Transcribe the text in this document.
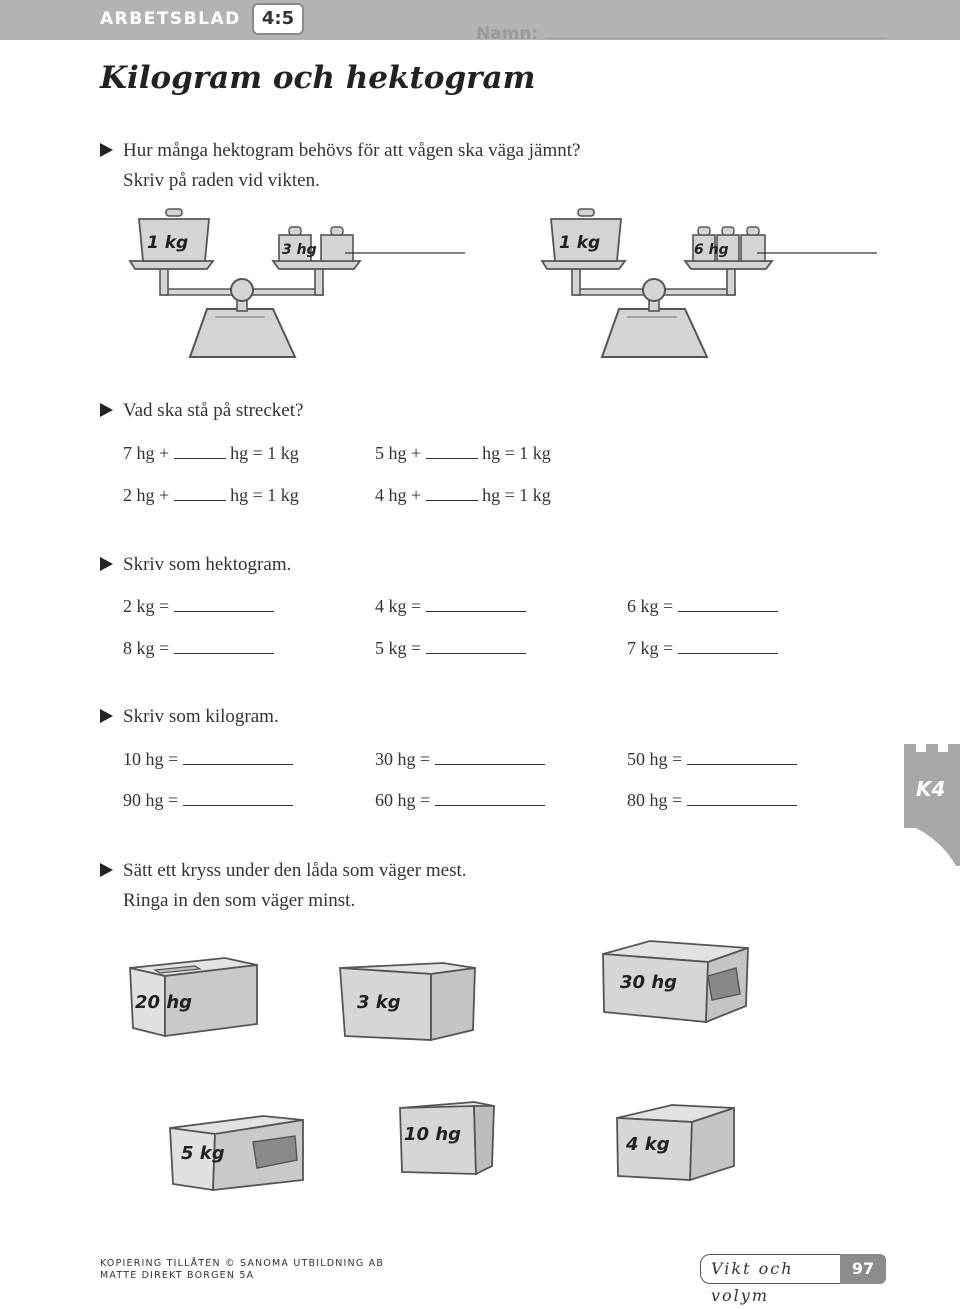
ARBETSBLAD	4:5
Namn:
Kilogram och hektogram
Hur många hektogram behövs för att vågen ska väga jämnt?
Skriv på raden vid vikten.
1 kg	3 hg	1 kg	6 hg
Vad ska stå på strecket?
7 hg +	hg = 1 kg	5 hg +	hg = 1 kg
2 hg +	hg = 1 kg	4 hg +	hg = 1 kg
Skriv som hektogram.
2 kg =	4 kg =	6 kg =
8 kg =	5 kg =	7 kg =
Skriv som kilogram.
10 hg =	30 hg =	50 hg =
90 hg =	60 hg =	80 hg =	K4
Sätt ett kryss under den låda som väger mest.
Ringa in den som väger minst.
20 hg	3 kg
30 hg
5 kg
10 hg	4 kg
KOPIERING TILLÅTEN © SANOMA UTBILDNING AB
MATTE DIREKT BORGEN 5A	Vikt och volym
97
